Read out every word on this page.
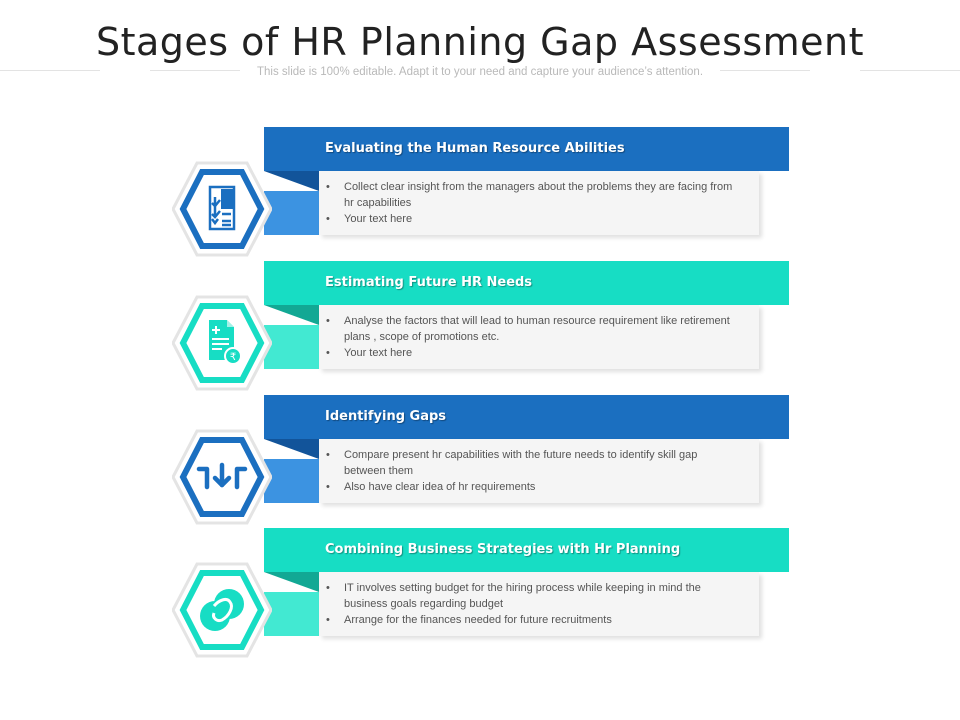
Stages of HR Planning Gap Assessment
This slide is 100% editable. Adapt it to your need and capture your audience’s attention.
Evaluating the Human Resource Abilities
• Collect clear insight from the managers about the problems they are facing from hr capabilities
• Your text here
Estimating Future HR Needs
• Analyse the factors that will lead to human resource requirement like retirement plans , scope of promotions etc.
• Your text here
₹
Identifying Gaps
• Compare present hr capabilities with the future needs to identify skill gap between them
• Also have clear idea of hr requirements
Combining Business Strategies with Hr Planning
• IT involves setting budget for the hiring process while keeping in mind the business goals regarding budget
• Arrange for the finances needed for future recruitments
